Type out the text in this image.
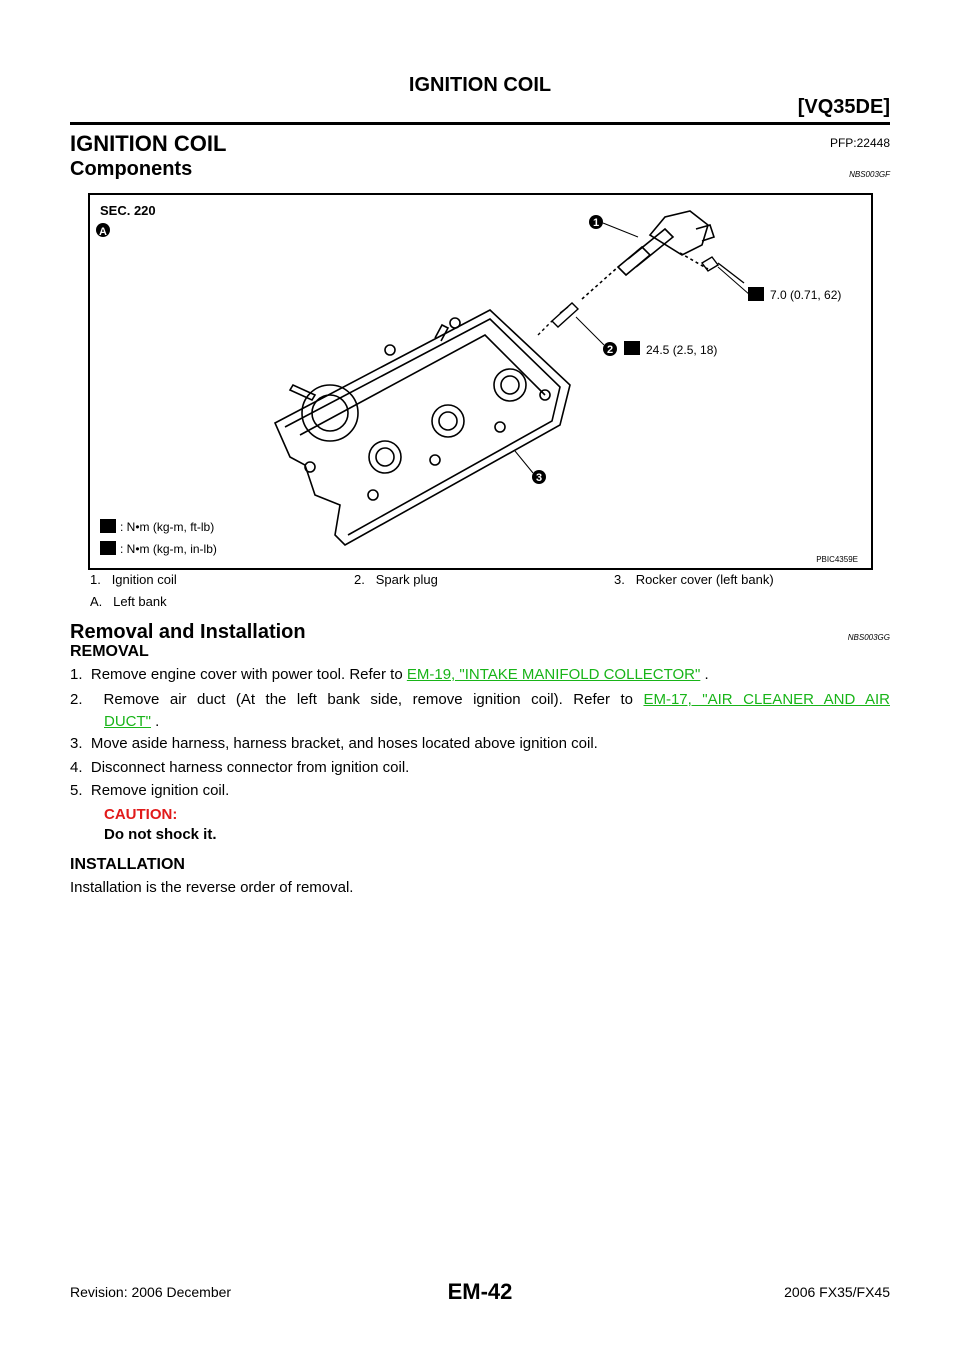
IGNITION COIL
[VQ35DE]
IGNITION COIL	PFP:22448
Components	NBS003GF
SEC. 220
A
1
7.0 (0.71, 62)
2	24.5 (2.5, 18)
3
: N•m (kg-m, ft-lb)
: N•m (kg-m, in-lb)
PBIC4359E
1. Ignition coil	2. Spark plug	3. Rocker cover (left bank)
A. Left bank
Removal and Installation	NBS003GG
REMOVAL
1. Remove engine cover with power tool. Refer to EM-19, "INTAKE MANIFOLD COLLECTOR" .
2. Remove air duct (At the left bank side, remove ignition coil). Refer to EM-17, "AIR CLEANER AND AIR
DUCT" .
3. Move aside harness, harness bracket, and hoses located above ignition coil.
4. Disconnect harness connector from ignition coil.
5. Remove ignition coil.
CAUTION:
Do not shock it.
INSTALLATION
Installation is the reverse order of removal.
EM-42
Revision: 2006 December	2006 FX35/FX45
